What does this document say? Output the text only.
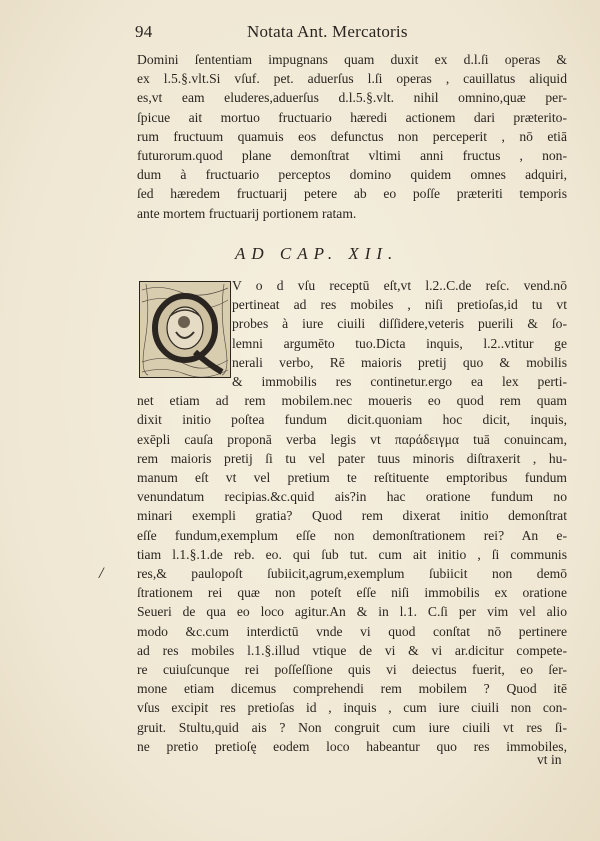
94	Notata Ant. Mercatoris
Domini ſententiam impugnans quam duxit ex d.l.ſi operas &
ex l.5.§.vlt.Si vſuf. pet. aduerſus l.ſi operas , cauillatus aliquid
es,vt eam eluderes,aduerſus d.l.5.§.vlt. nihil omnino,quæ per-
ſpicue ait mortuo fructuario hæredi actionem dari præterito-
rum fructuum quamuis eos defunctus non perceperit , nō etiā
futurorum.quod plane demonſtrat vltimi anni fructus , non-
dum à fructuario perceptos domino quidem omnes adquiri,
ſed hæredem fructuarij petere ab eo poſſe præteriti temporis
ante mortem fructuarij portionem ratam.
AD CAP. XII.
V o d vſu receptū eſt,vt l.2..C.de reſc. vend.nō
pertineat ad res mobiles , niſi pretioſas,id tu vt
probes à iure ciuili diſſidere,veteris puerili & ſo-
lemni argumēto tuo.Dicta inquis, l.2..vtitur ge
nerali verbo, Rē maioris pretij quo & mobilis
& immobilis res continetur.ergo ea lex perti-
net etiam ad rem mobilem.nec moueris eo quod rem quam
dixit initio poſtea fundum dicit.quoniam hoc dicit, inquis,
exēpli cauſa proponā verba legis vt παράδειγμα tuā conuincam,
rem maioris pretij ſi tu vel pater tuus minoris diſtraxerit , hu-
manum eſt vt vel pretium te reſtituente emptoribus fundum
venundatum recipias.&c.quid ais?in hac oratione fundum no
minari exempli gratia? Quod rem dixerat initio demonſtrat
eſſe fundum,exemplum eſſe non demonſtrationem rei? An e-
tiam l.1.§.1.de reb. eo. qui ſub tut. cum ait initio , ſi communis
res,& paulopoſt ſubiicit,agrum,exemplum ſubiicit non demō
ſtrationem rei quæ non poteſt eſſe niſi immobilis ex oratione
Seueri de qua eo loco agitur.An & in l.1. C.ſi per vim vel alio
modo &c.cum interdictū vnde vi quod conſtat nō pertinere
ad res mobiles l.1.§.illud vtique de vi & vi ar.dicitur compete-
re cuiuſcunque rei poſſeſſione quis vi deiectus fuerit, eo ſer-
mone etiam dicemus comprehendi rem mobilem ? Quod itē
vſus excipit res pretioſas id , inquis , cum iure ciuili non con-
gruit. Stultu,quid ais ? Non congruit cum iure ciuili vt res ſi-
ne pretio pretioſę eodem loco habeantur quo res immobiles,
/
vt in
